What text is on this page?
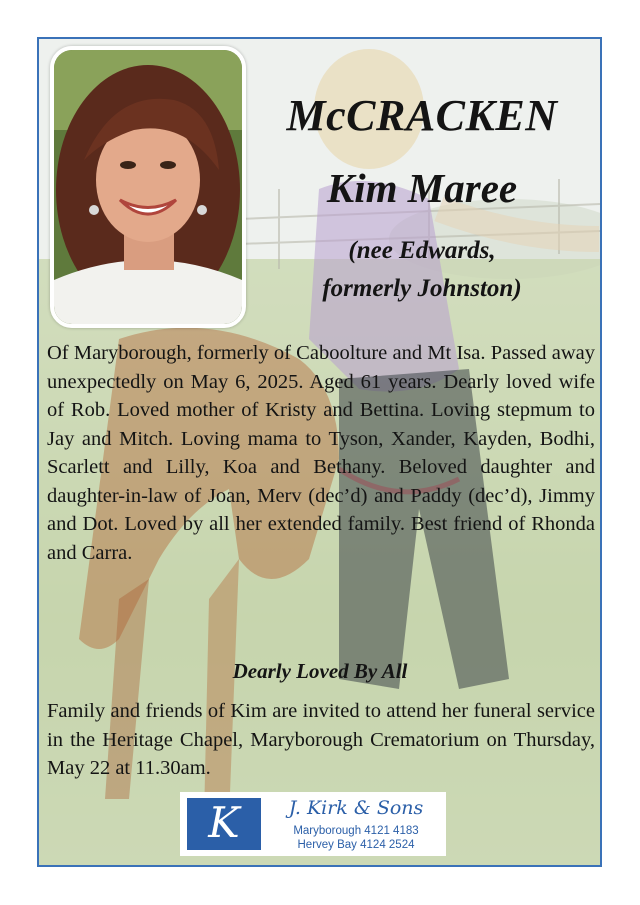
McCRACKEN
Kim Maree

(nee Edwards,
formerly Johnston)

Of Maryborough, formerly of Caboolture and Mt Isa. Passed away unexpectedly on May 6, 2025. Aged 61 years. Dearly loved wife of Rob. Loved mother of Kristy and Bettina. Loving stepmum to Jay and Mitch. Loving mama to Tyson, Xander, Kayden, Bodhi, Scarlett and Lilly, Koa and Bethany. Beloved daughter and daughter-in-law of Joan, Merv (dec’d) and Paddy (dec’d), Jimmy and Dot. Loved by all her extended family. Best friend of Rhonda and Carra.

Dearly Loved By All

Family and friends of Kim are invited to attend her funeral service in the Heritage Chapel, Maryborough Crematorium on Thursday, May 22 at 11.30am.

K	J. Kirk & Sons
Maryborough 4121 4183
Hervey Bay 4124 2524
